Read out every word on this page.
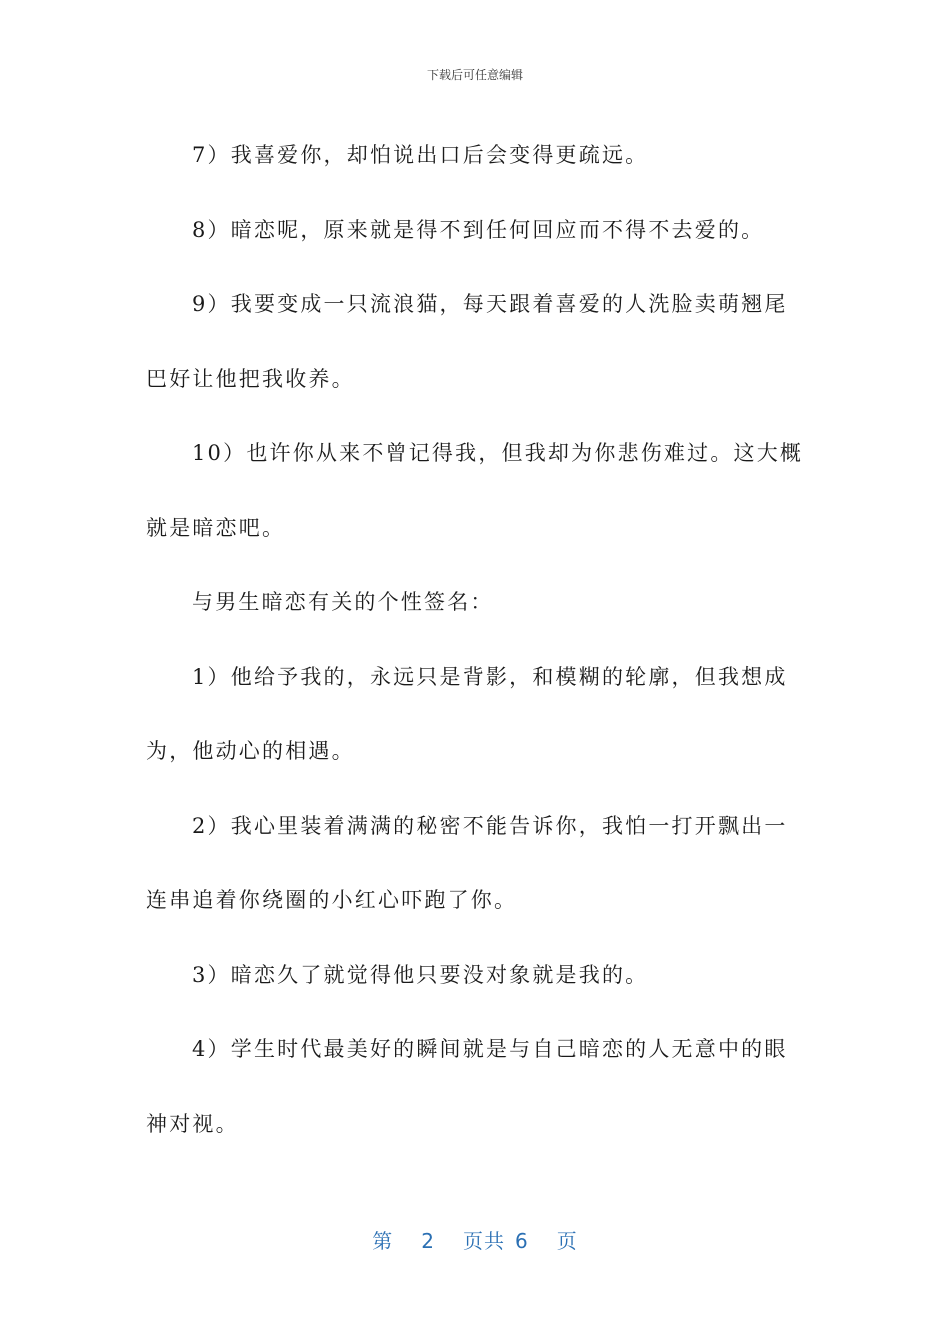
下载后可任意编辑

7）我喜爱你，却怕说出口后会变得更疏远。

8）暗恋呢，原来就是得不到任何回应而不得不去爱的。

9）我要变成一只流浪猫，每天跟着喜爱的人洗脸卖萌翘尾巴好让他把我收养。

10）也许你从来不曾记得我，但我却为你悲伤难过。这大概就是暗恋吧。

与男生暗恋有关的个性签名：

1）他给予我的，永远只是背影，和模糊的轮廓，但我想成为，他动心的相遇。

2）我心里装着满满的秘密不能告诉你，我怕一打开飘出一连串追着你绕圈的小红心吓跑了你。

3）暗恋久了就觉得他只要没对象就是我的。

4）学生时代最美好的瞬间就是与自己暗恋的人无意中的眼神对视。

第 2 页共 6 页
